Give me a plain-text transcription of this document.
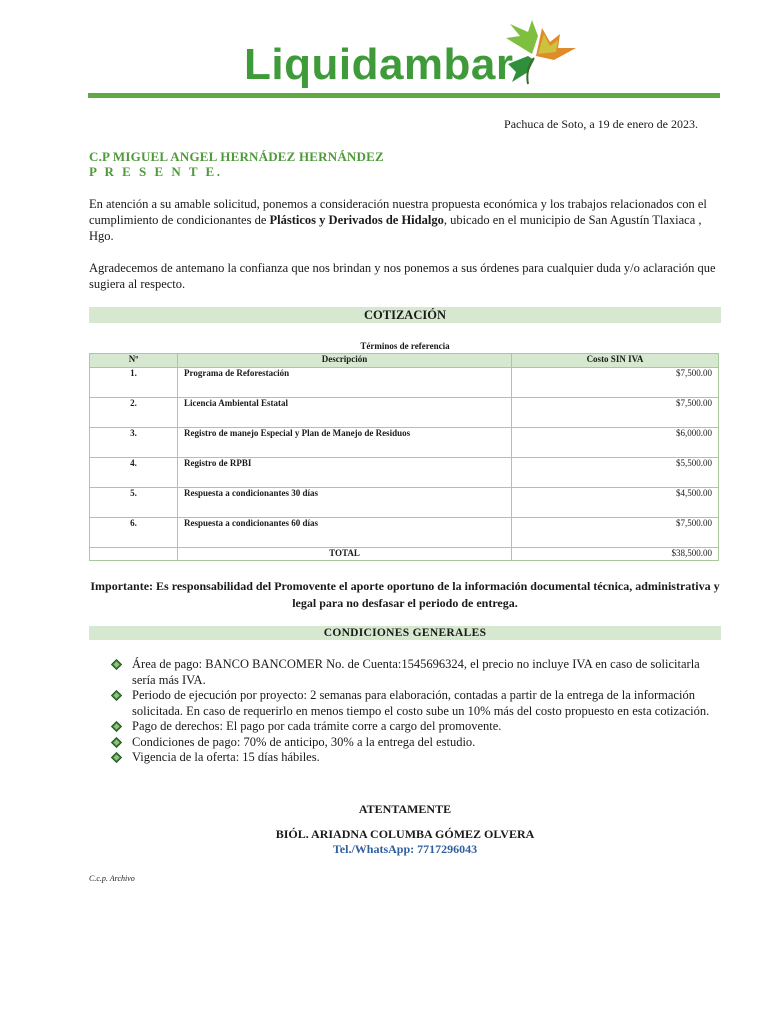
Liquidambar
Pachuca de Soto, a 19 de enero de 2023.
C.P MIGUEL ANGEL HERNÁDEZ HERNÁNDEZ
P R E S E N T E.
En atención a su amable solicitud, ponemos a consideración nuestra propuesta económica y los trabajos relacionados con el cumplimiento de condicionantes de Plásticos y Derivados de Hidalgo, ubicado en el municipio de San Agustín Tlaxiaca , Hgo.
Agradecemos de antemano la confianza que nos brindan y nos ponemos a sus órdenes para cualquier duda y/o aclaración que sugiera al respecto.
COTIZACIÓN
Términos de referencia
Nº	Descripción	Costo SIN IVA
1.	Programa de Reforestación	$7,500.00
2.	Licencia Ambiental Estatal	$7,500.00
3.	Registro de manejo Especial y Plan de Manejo de Residuos	$6,000.00
4.	Registro de RPBI	$5,500.00
5.	Respuesta a condicionantes 30 días	$4,500.00
6.	Respuesta a condicionantes 60 días	$7,500.00
	TOTAL	$38,500.00
Importante: Es responsabilidad del Promovente el aporte oportuno de la información documental técnica, administrativa y legal para no desfasar el periodo de entrega.
CONDICIONES GENERALES
Área de pago: BANCO BANCOMER No. de Cuenta:1545696324, el precio no incluye IVA en caso de solicitarla sería más IVA.
Periodo de ejecución por proyecto: 2 semanas para elaboración, contadas a partir de la entrega de la información solicitada. En caso de requerirlo en menos tiempo el costo sube un 10% más del costo propuesto en esta cotización.
Pago de derechos: El pago por cada trámite corre a cargo del promovente.
Condiciones de pago: 70% de anticipo, 30% a la entrega del estudio.
Vigencia de la oferta: 15 días hábiles.
ATENTAMENTE
BIÓL. ARIADNA COLUMBA GÓMEZ OLVERA
Tel./WhatsApp: 7717296043
C.c.p. Archivo
